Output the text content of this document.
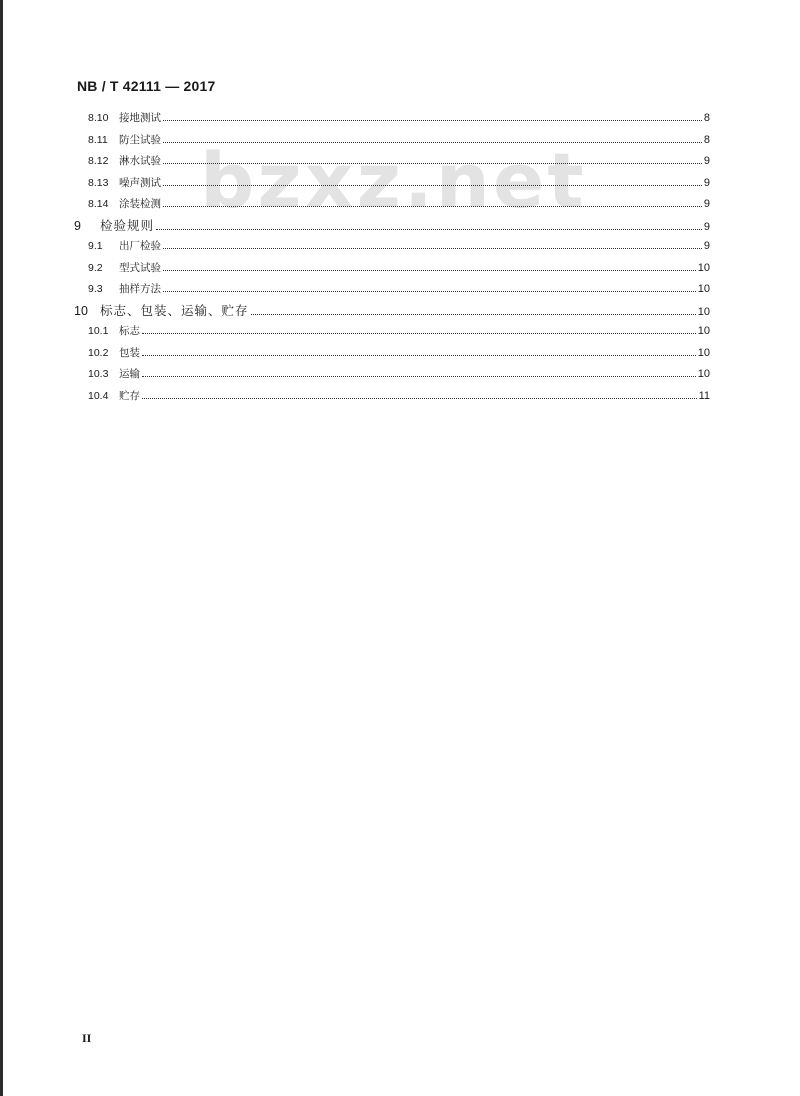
NB / T 42111 — 2017
bzxz.net
8.10	接地测试	8
8.11	防尘试验	8
8.12	淋水试验	9
8.13	噪声测试	9
8.14	涂装检测	9
9	检验规则	9
9.1	出厂检验	9
9.2	型式试验	10
9.3	抽样方法	10
10 标志、包装、运输、贮存	10
10.1	标志	10
10.2	包装	10
10.3	运输	10
10.4	贮存	11
II
